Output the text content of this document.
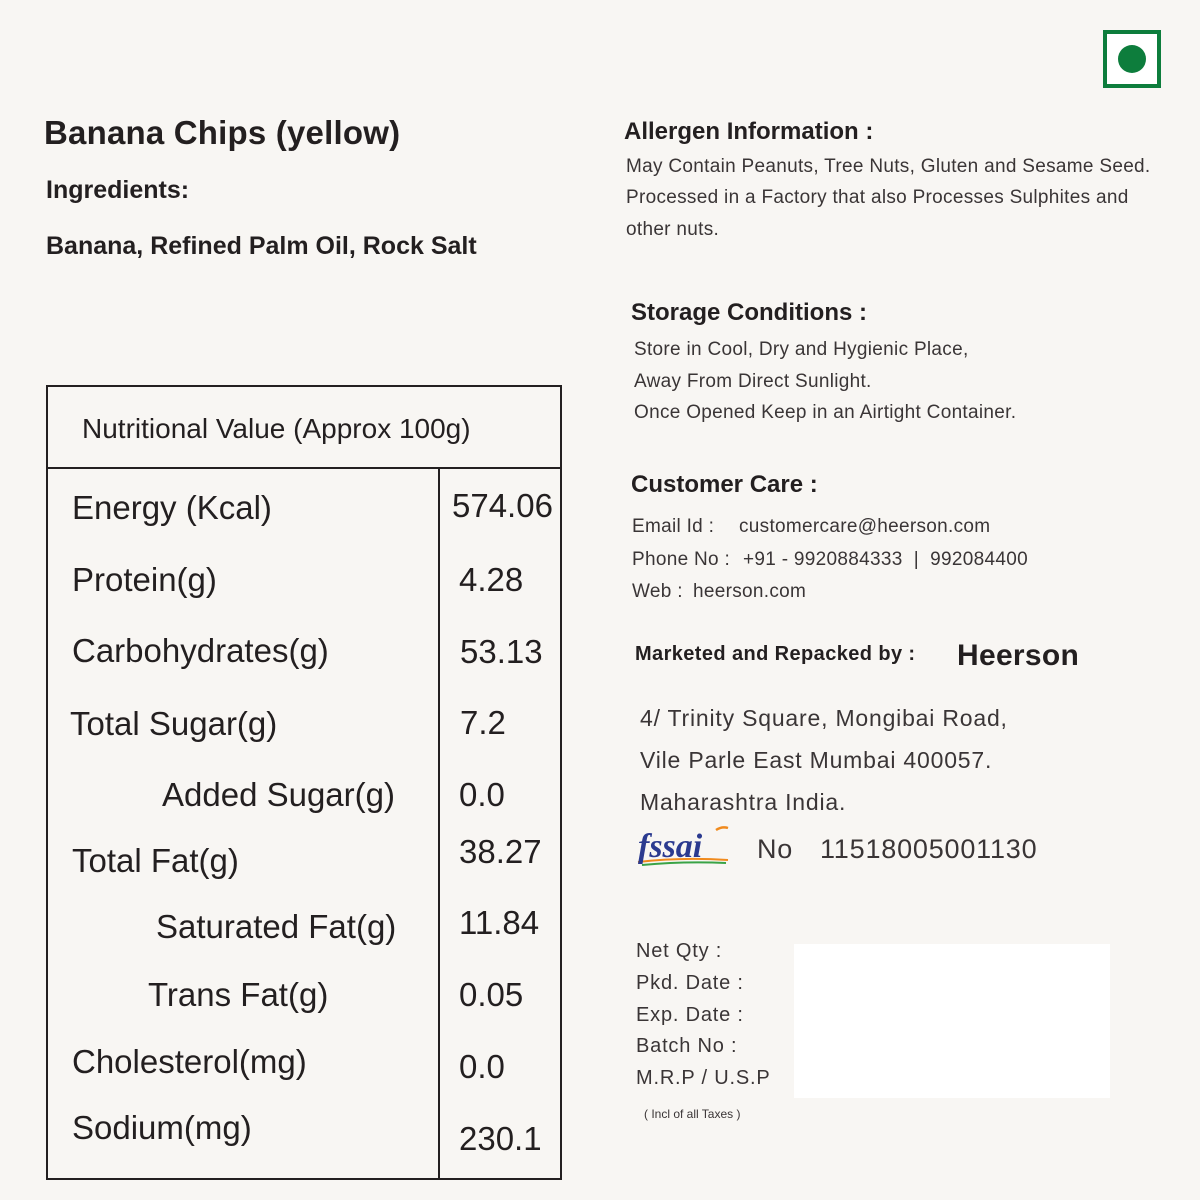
Banana Chips (yellow)
Ingredients:
Banana, Refined Palm Oil, Rock Salt
Nutritional Value (Approx 100g)
Energy (Kcal)	574.06
Protein(g)	4.28
Carbohydrates(g)	53.13
Total Sugar(g)	7.2
Added Sugar(g) 0.0
Total Fat(g)	38.27
Saturated Fat(g) 11.84
Trans Fat(g)	0.05
Cholesterol(mg)	0.0
Sodium(mg)	230.1
Allergen Information :
May Contain Peanuts, Tree Nuts, Gluten and Sesame Seed.
Processed in a Factory that also Processes Sulphites and
other nuts.
Storage Conditions :
Store in Cool, Dry and Hygienic Place,
Away From Direct Sunlight.
Once Opened Keep in an Airtight Container.
Customer Care :
Email Id : customercare@heerson.com
Phone No : +91 - 9920884333  |  992084400
Web : heerson.com
Marketed and Repacked by : Heerson
4/ Trinity Square, Mongibai Road,
Vile Parle East Mumbai 400057.
Maharashtra India.
fssai No 11518005001130
Net Qty :
Pkd. Date :
Exp. Date :
Batch No :
M.R.P / U.S.P
( Incl of all Taxes )
